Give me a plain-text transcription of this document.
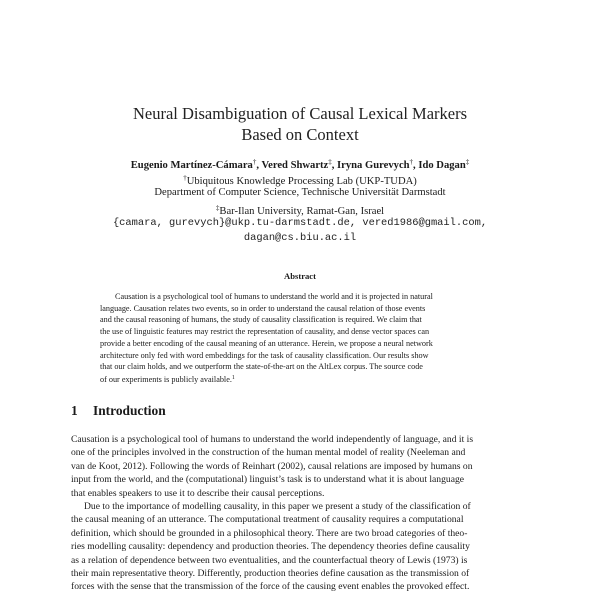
Neural Disambiguation of Causal Lexical Markers
Based on Context
Eugenio Martínez-Cámara†, Vered Shwartz‡, Iryna Gurevych†, Ido Dagan‡
†Ubiquitous Knowledge Processing Lab (UKP-TUDA)
Department of Computer Science, Technische Universität Darmstadt
‡Bar-Ilan University, Ramat-Gan, Israel
{camara, gurevych}@ukp.tu-darmstadt.de, vered1986@gmail.com,
dagan@cs.biu.ac.il
Abstract
Causation is a psychological tool of humans to understand the world and it is projected in natural
language. Causation relates two events, so in order to understand the causal relation of those events
and the causal reasoning of humans, the study of causality classification is required. We claim that
the use of linguistic features may restrict the representation of causality, and dense vector spaces can
provide a better encoding of the causal meaning of an utterance. Herein, we propose a neural network
architecture only fed with word embeddings for the task of causality classification. Our results show
that our claim holds, and we outperform the state-of-the-art on the AltLex corpus. The source code
of our experiments is publicly available.$^1$
1 Introduction
Causation is a psychological tool of humans to understand the world independently of language, and it is
one of the principles involved in the construction of the human mental model of reality (Neeleman and
van de Koot, 2012). Following the words of Reinhart (2002), causal relations are imposed by humans on
input from the world, and the (computational) linguist’s task is to understand what it is about language
that enables speakers to use it to describe their causal perceptions.
Due to the importance of modelling causality, in this paper we present a study of the classification of
the causal meaning of an utterance. The computational treatment of causality requires a computational
definition, which should be grounded in a philosophical theory. There are two broad categories of theo-
ries modelling causality: dependency and production theories. The dependency theories define causality
as a relation of dependence between two eventualities, and the counterfactual theory of Lewis (1973) is
their main representative theory. Differently, production theories define causation as the transmission of
forces with the sense that the transmission of the force of the causing event enables the provoked effect.
